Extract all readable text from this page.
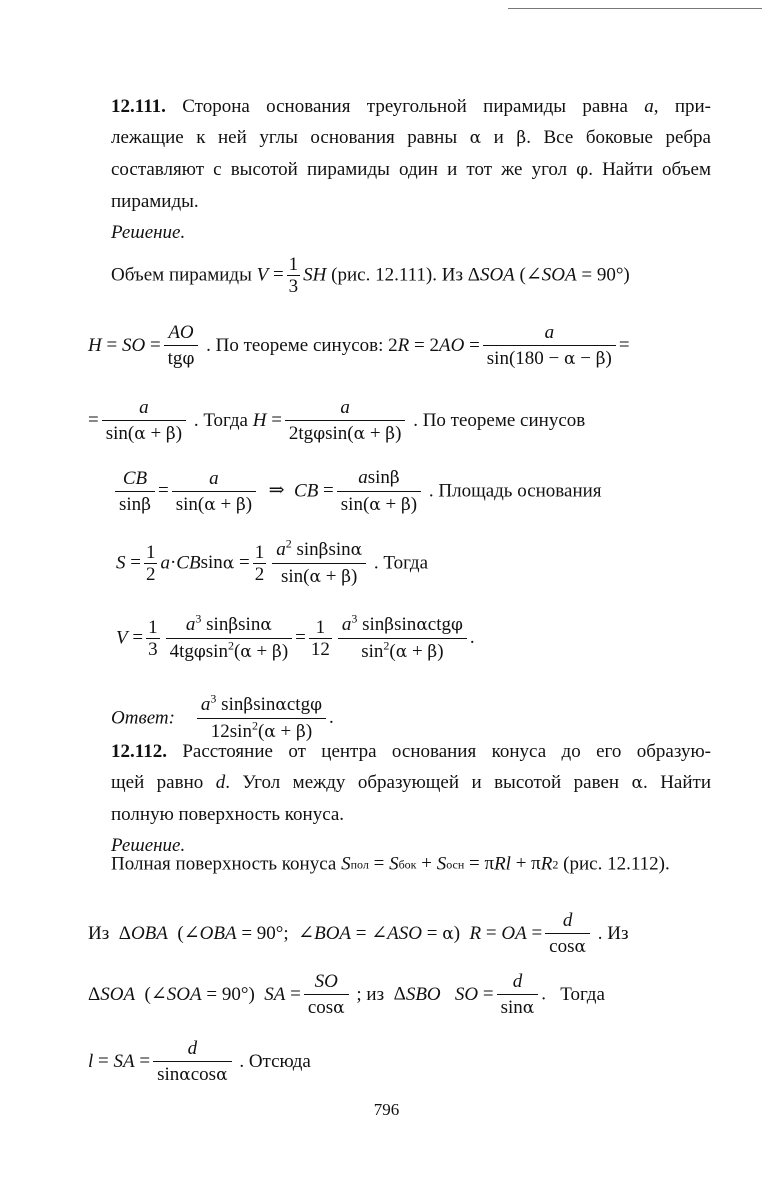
12.111. Сторона основания треугольной пирамиды равна a, при-
лежащие к ней углы основания равны α и β. Все боковые ребра
составляют с высотой пирамиды один и тот же угол φ. Найти объем
пирамиды.
Решение.
Объем пирамиды $V = \frac{1}{3}$ SH (рис. 12.111). Из ΔSOA (∠SOA = 90°)
H = SO = $\frac{AO}{\text{tgφ}}$ . По теореме синусов: $2R = 2AO = \frac{a}{\sin(180 - \alpha - \beta)}$ =
= $\frac{a}{\sin(\alpha + \beta)}$ . Тогда $H = \frac{a}{\text{2tgφsin(α + β)}}$ . По теореме синусов
$\frac{CB}{\sin\beta} = \frac{a}{\sin(\alpha + \beta)}$ ⇒  CB = $\frac{asin\beta}{\sin(\alpha + \beta)}$ . Площадь основания
$S = \frac{1}{2} a\cdot CBsin\alpha = \frac{1}{2} \frac{a^2 \sin\beta\sin\alpha}{\sin(\alpha + \beta)}$ . Тогда
$V = \frac{1}{3} \frac{a^3 \sin\beta\sin\alpha}{4tg\varphi\sin^2(\alpha + \beta)} = \frac{1}{12} \frac{a^3 \sin\beta\sin\alpha ctg\varphi}{\sin^2(\alpha + \beta)}$ .
Ответ: $\frac{a^3 \sin\beta\sin\alpha ctg\varphi}{12\sin^2(\alpha + \beta)}$ .
12.112. Расстояние от центра основания конуса до его образую-
щей равно d. Угол между образующей и высотой равен α. Найти
полную поверхность конуса.
Решение.
Полная поверхность конуса Sпол = Sбок + Sосн = πRl + πR2 (рис. 12.112).
Из  ΔOBA  (∠OBA = 90°;  ∠BOA = ∠ASO = α) R = OA = $\frac{d}{\cos\alpha}$ . Из
ΔSOA  (∠SOA = 90°) SA = $\frac{SO}{\cos\alpha}$ ; из  ΔSBO SO = $\frac{d}{\sin\alpha}$ .   Тогда
l = SA = $\frac{d}{\sin\alpha\cos\alpha}$ . Отсюда
796
